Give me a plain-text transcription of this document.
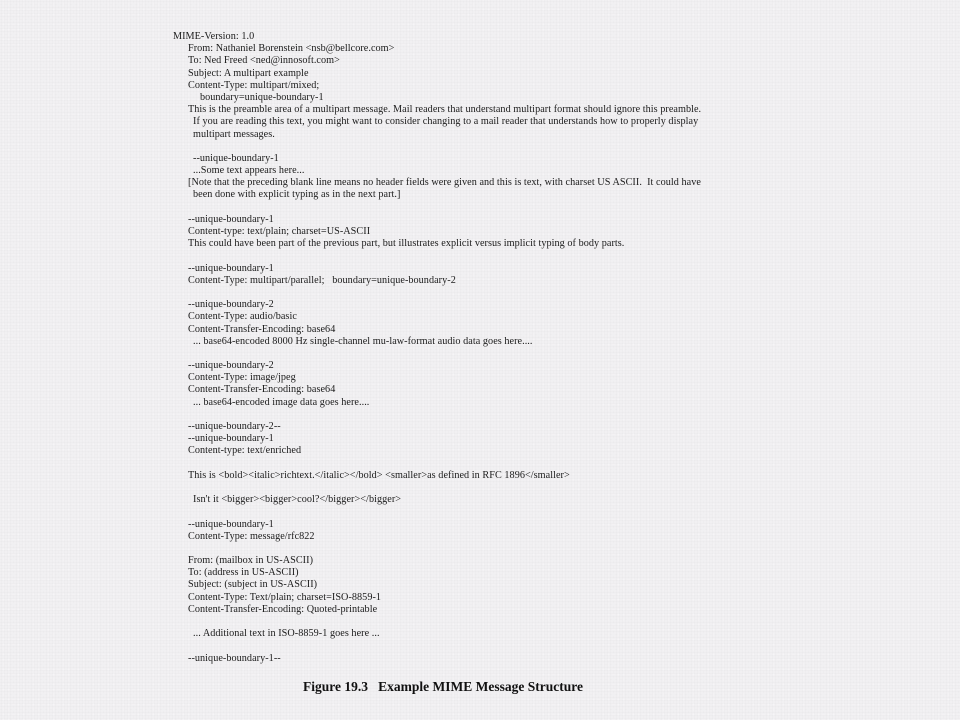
MIME-Version: 1.0
From: Nathaniel Borenstein <nsb@bellcore.com>
To: Ned Freed <ned@innosoft.com>
Subject: A multipart example
Content-Type: multipart/mixed;
boundary=unique-boundary-1
This is the preamble area of a multipart message. Mail readers that understand multipart format should ignore this preamble.
If you are reading this text, you might want to consider changing to a mail reader that understands how to properly display
multipart messages.
--unique-boundary-1
...Some text appears here...
[Note that the preceding blank line means no header fields were given and this is text, with charset US ASCII.  It could have
been done with explicit typing as in the next part.]
--unique-boundary-1
Content-type: text/plain; charset=US-ASCII
This could have been part of the previous part, but illustrates explicit versus implicit typing of body parts.
--unique-boundary-1
Content-Type: multipart/parallel;   boundary=unique-boundary-2
--unique-boundary-2
Content-Type: audio/basic
Content-Transfer-Encoding: base64
... base64-encoded 8000 Hz single-channel mu-law-format audio data goes here....
--unique-boundary-2
Content-Type: image/jpeg
Content-Transfer-Encoding: base64
... base64-encoded image data goes here....
--unique-boundary-2--
--unique-boundary-1
Content-type: text/enriched
This is <bold><italic>richtext.</italic></bold> <smaller>as defined in RFC 1896</smaller>
Isn't it <bigger><bigger>cool?</bigger></bigger>
--unique-boundary-1
Content-Type: message/rfc822
From: (mailbox in US-ASCII)
To: (address in US-ASCII)
Subject: (subject in US-ASCII)
Content-Type: Text/plain; charset=ISO-8859-1
Content-Transfer-Encoding: Quoted-printable
... Additional text in ISO-8859-1 goes here ...
--unique-boundary-1--
Figure 19.3   Example MIME Message Structure
